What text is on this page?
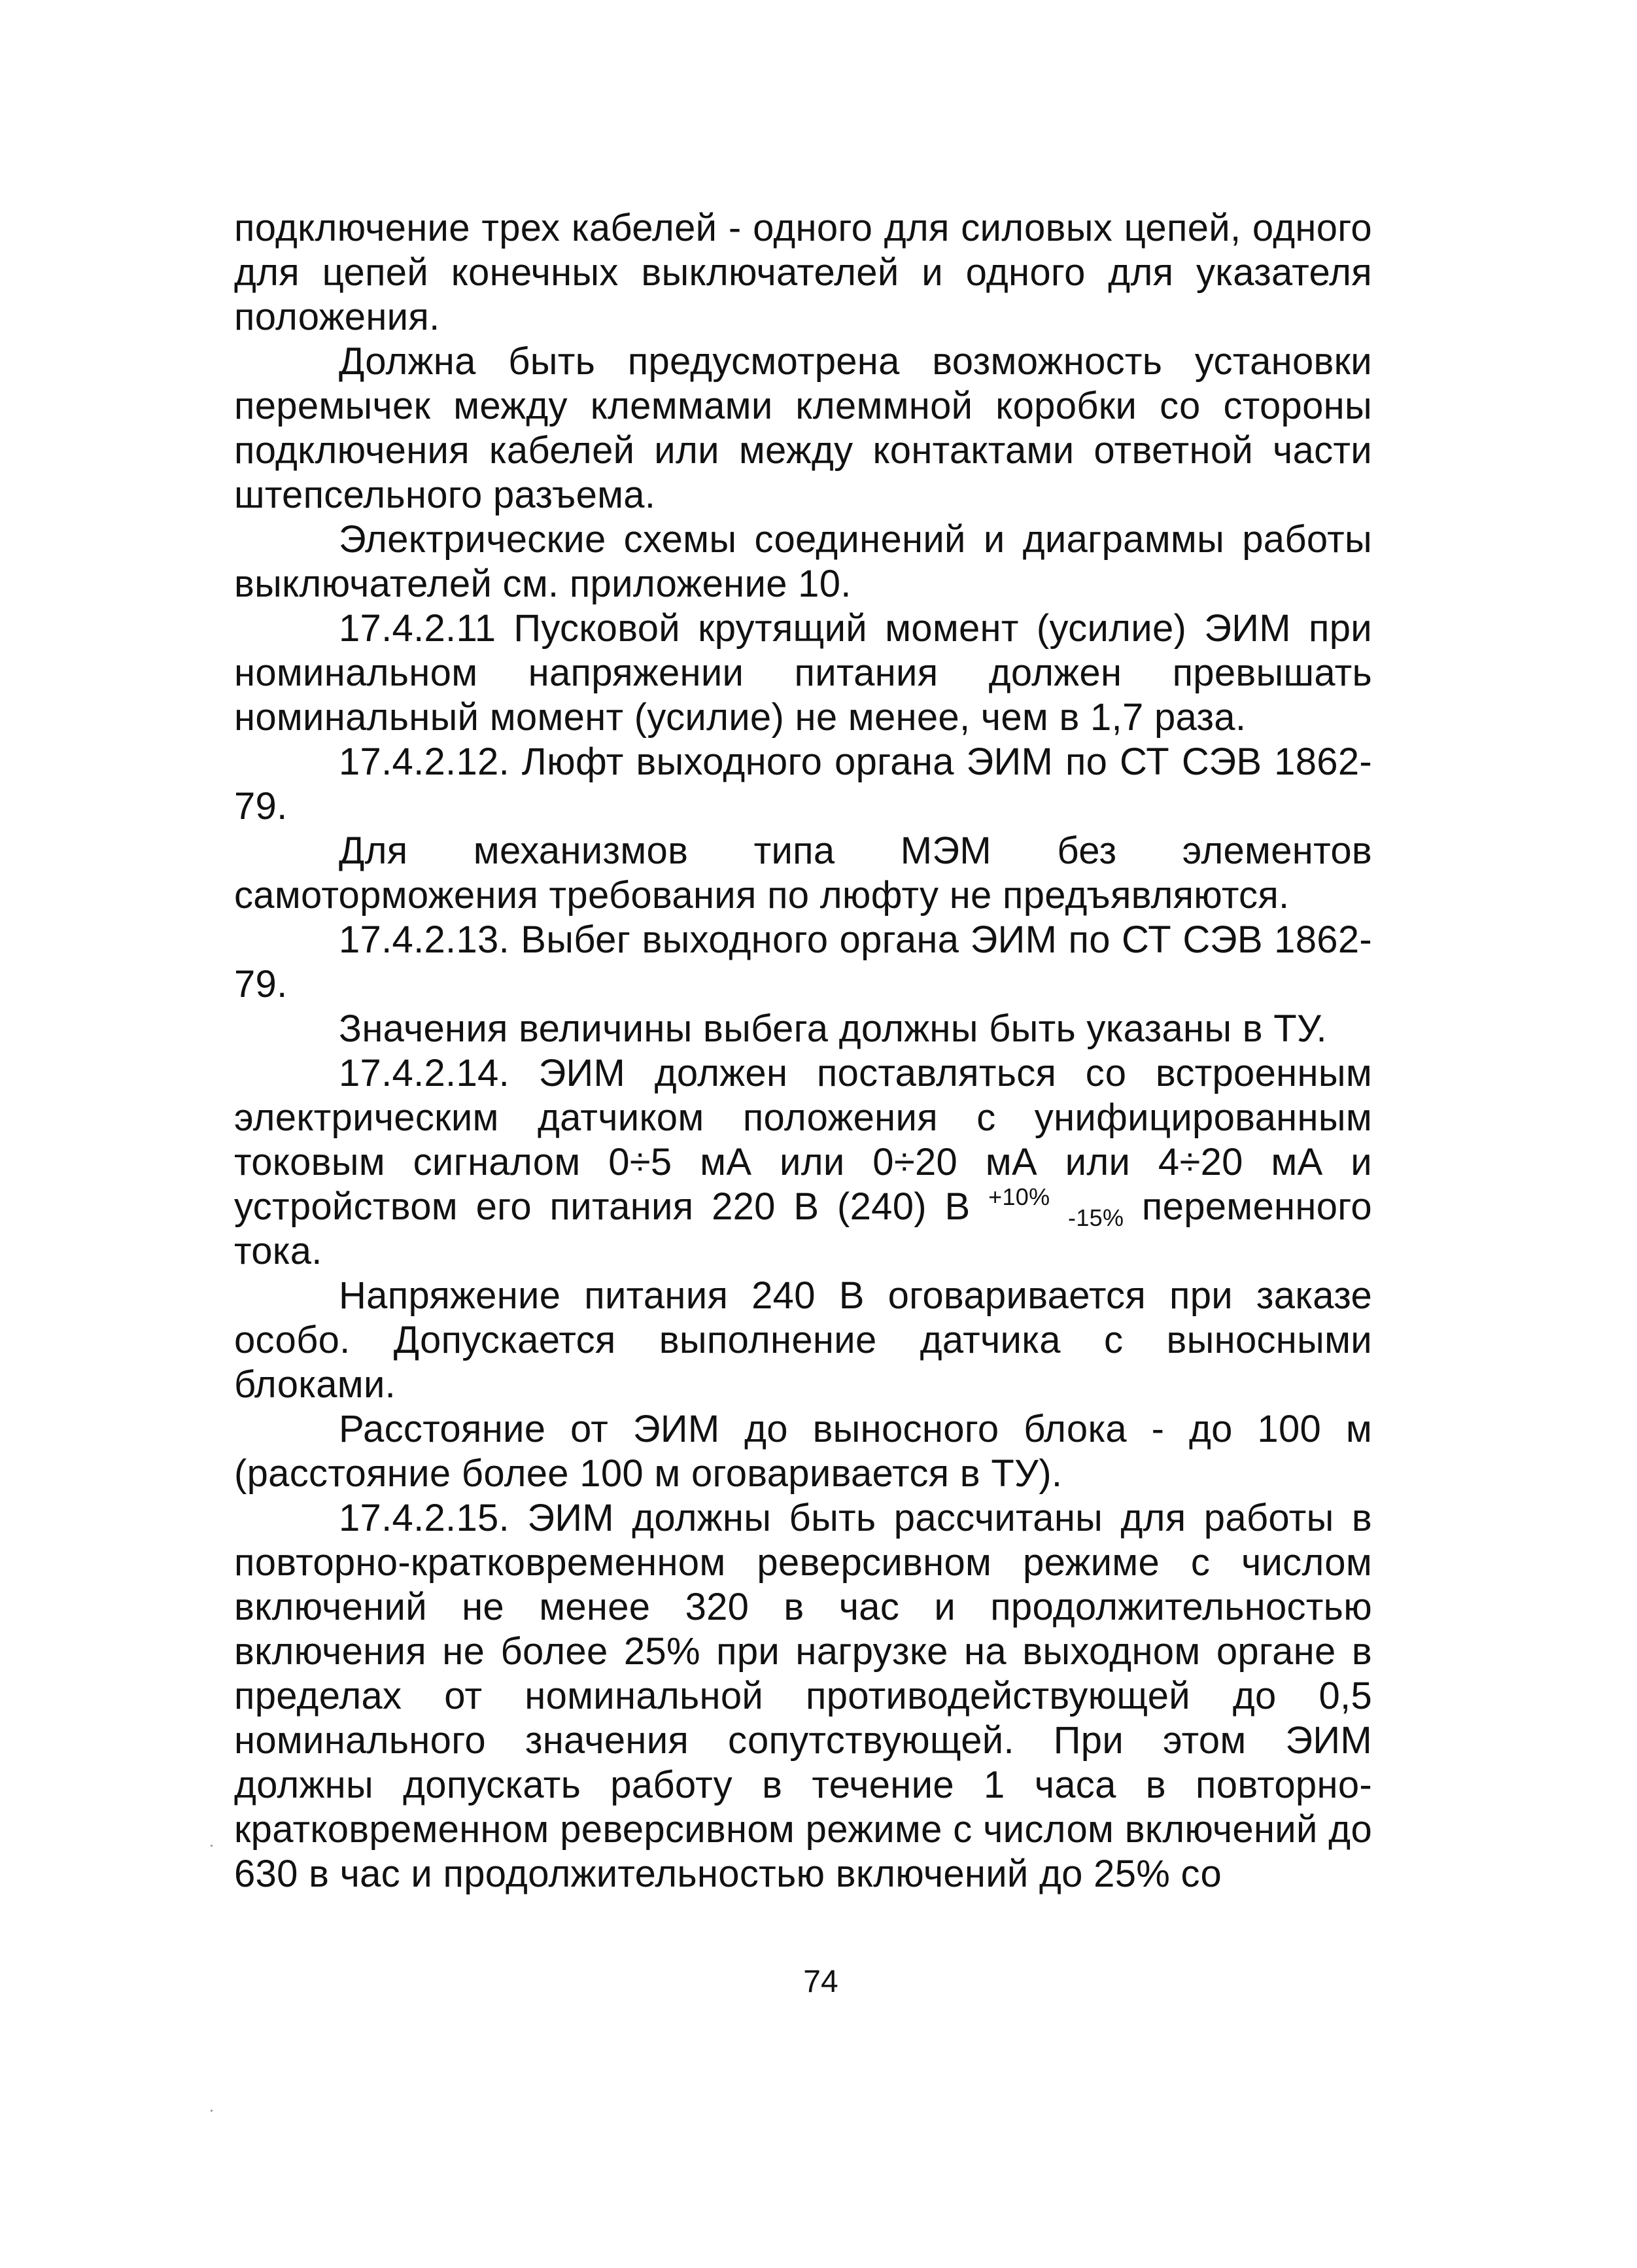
подключение трех кабелей - одного для силовых цепей, одного для цепей конечных выключателей и одного для указателя положения.

Должна быть предусмотрена возможность установки перемычек между клеммами клеммной коробки со стороны подключения кабелей или между контактами ответной части штепсельного разъема.

Электрические схемы соединений и диаграммы работы выключателей см. приложение 10.

17.4.2.11 Пусковой крутящий момент (усилие) ЭИМ при номинальном напряжении питания должен превышать номинальный момент (усилие) не менее, чем в 1,7 раза.

17.4.2.12. Люфт выходного органа ЭИМ по СТ СЭВ 1862-79.

Для механизмов типа МЭМ без элементов самоторможения требования по люфту не предъявляются.

17.4.2.13. Выбег выходного органа ЭИМ по СТ СЭВ 1862-79.

Значения величины выбега должны быть указаны в ТУ.

17.4.2.14. ЭИМ должен поставляться со встроенным электрическим датчиком положения с унифицированным токовым сигналом 0÷5 мА или 0÷20 мА или 4÷20 мА и устройством его питания 220 В (240) В $^{+10\%}$ $_{-15\%}$ переменного тока.

Напряжение питания 240 В оговаривается при заказе особо. Допускается выполнение датчика с выносными блоками.

Расстояние от ЭИМ до выносного блока - до 100 м (расстояние более 100 м оговаривается в ТУ).

17.4.2.15. ЭИМ должны быть рассчитаны для работы в повторно-кратковременном реверсивном режиме с числом включений не менее 320 в час и продолжительностью включения не более 25% при нагрузке на выходном органе в пределах от номинальной противодействующей до 0,5 номинального значения сопутствующей. При этом ЭИМ должны допускать работу в течение 1 часа в повторно-кратковременном реверсивном режиме с числом включений до 630 в час и продолжительностью включений до 25% со

74
